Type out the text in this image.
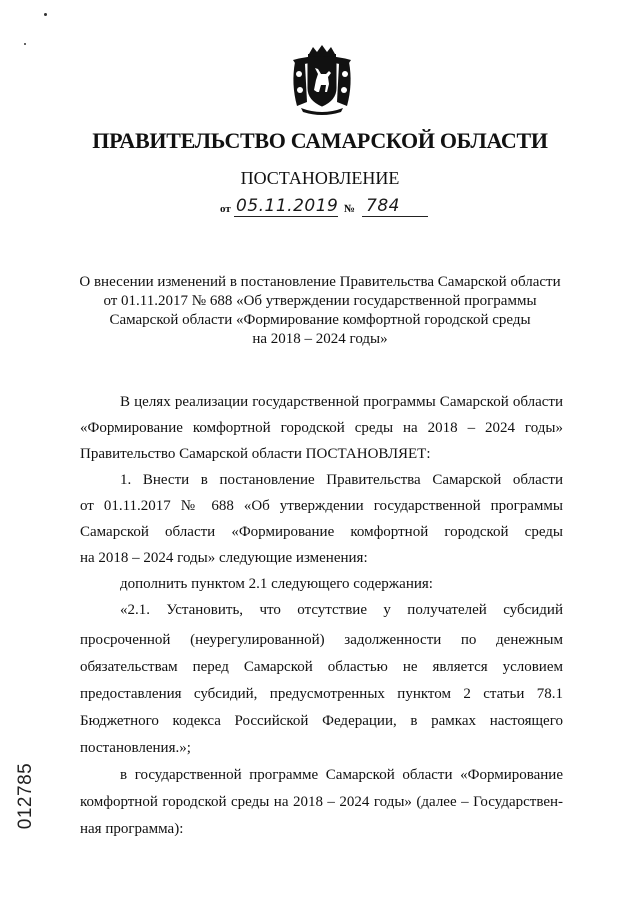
ПРАВИТЕЛЬСТВО САМАРСКОЙ ОБЛАСТИ
ПОСТАНОВЛЕНИЕ
от 05.11.2019 № 784
О внесении изменений в постановление Правительства Самарской области
от 01.11.2017 № 688 «Об утверждении государственной программы
Самарской области «Формирование комфортной городской среды
на 2018 – 2024 годы»
В целях реализации государственной программы Самарской области
«Формирование комфортной городской среды на 2018 – 2024 годы»
Правительство Самарской области ПОСТАНОВЛЯЕТ:
1. Внести в постановление Правительства Самарской области
от 01.11.2017 № 688 «Об утверждении государственной программы
Самарской области «Формирование комфортной городской среды
на 2018 – 2024 годы» следующие изменения:
дополнить пунктом 2.1 следующего содержания:
«2.1. Установить, что отсутствие у получателей субсидий
просроченной (неурегулированной) задолженности по денежным
обязательствам перед Самарской областью не является условием
предоставления субсидий, предусмотренных пунктом 2 статьи 78.1
Бюджетного кодекса Российской Федерации, в рамках настоящего
постановления.»;
в государственной программе Самарской области «Формирование
комфортной городской среды на 2018 – 2024 годы» (далее – Государствен-
ная программа):
012785
